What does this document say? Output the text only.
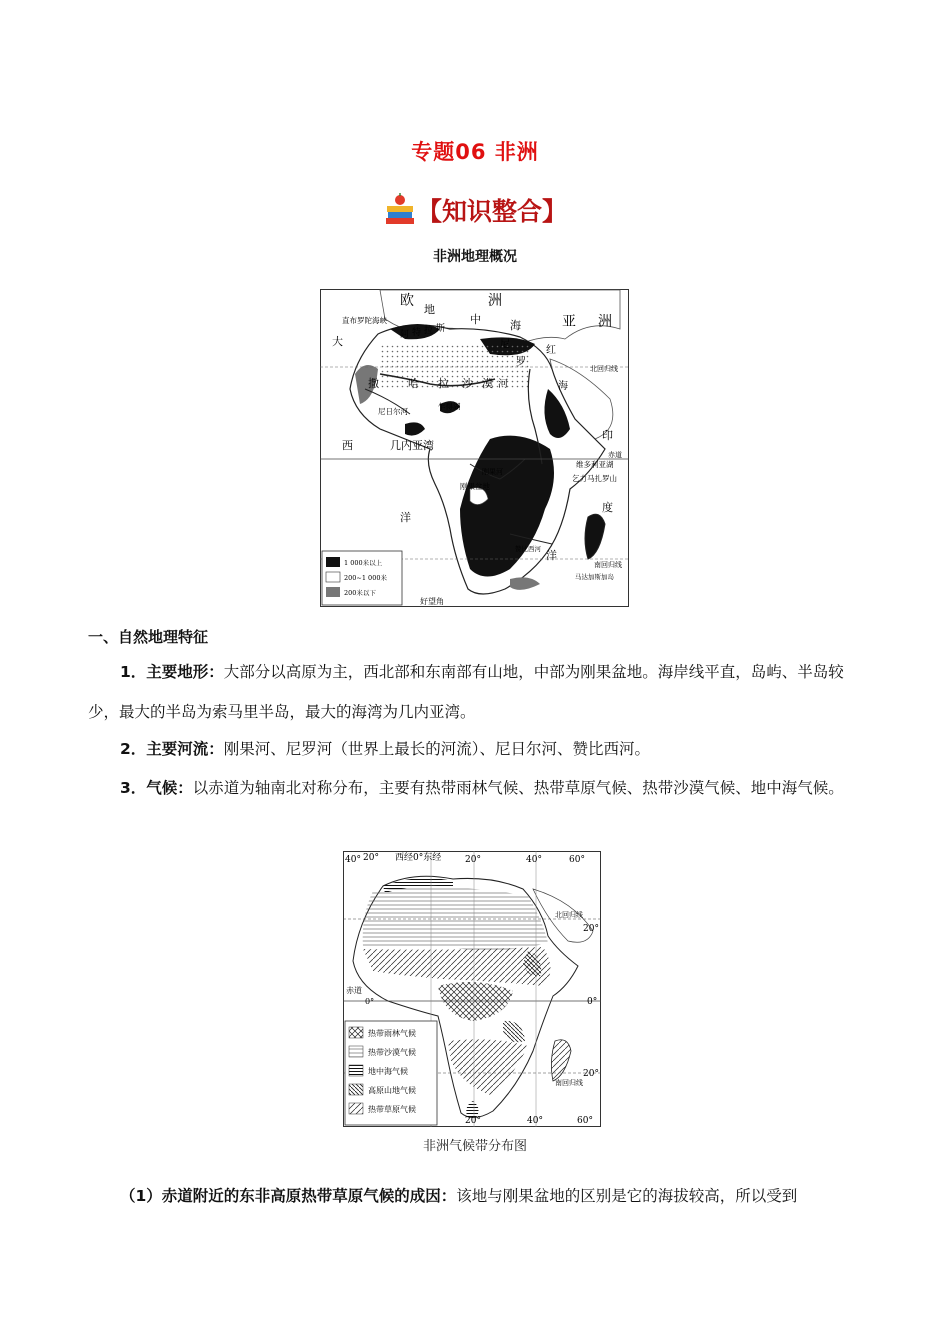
专题06 非洲
【知识整合】
非洲地理概况
欧	洲
亚 洲
直布罗陀海峡
地
中	海
阿 特 拉 斯
大
西
洋
撒	哈 拉 沙 漠
尼
罗
河
红
海
北回归线
尼日尔河
乍得湖
几内亚湾
赤道
刚果河
刚果盆地
维多利亚湖
乞力马扎罗山
印
度
洋
马达加斯加岛
赞比西河
南回归线
好望角
1 000米以上
200~1 000米
200米以下
一、自然地理特征
1．主要地形：大部分以高原为主，西北部和东南部有山地，中部为刚果盆地。海岸线平直，岛屿、半岛较少，最大的半岛为索马里半岛，最大的海湾为几内亚湾。
2．主要河流：刚果河、尼罗河（世界上最长的河流）、尼日尔河、赞比西河。
3．气候：以赤道为轴南北对称分布，主要有热带雨林气候、热带草原气候、热带沙漠气候、地中海气候。
40° 20° 西经0°东经	20°	40°	60°
20°	40°	60°
20°
0°
20°
北回归线
南回归线
赤道
0°
热带雨林气候
热带沙漠气候
地中海气候
高原山地气候
热带草原气候
非洲气候带分布图
（1）赤道附近的东非高原热带草原气候的成因：该地与刚果盆地的区别是它的海拔较高，所以受到
